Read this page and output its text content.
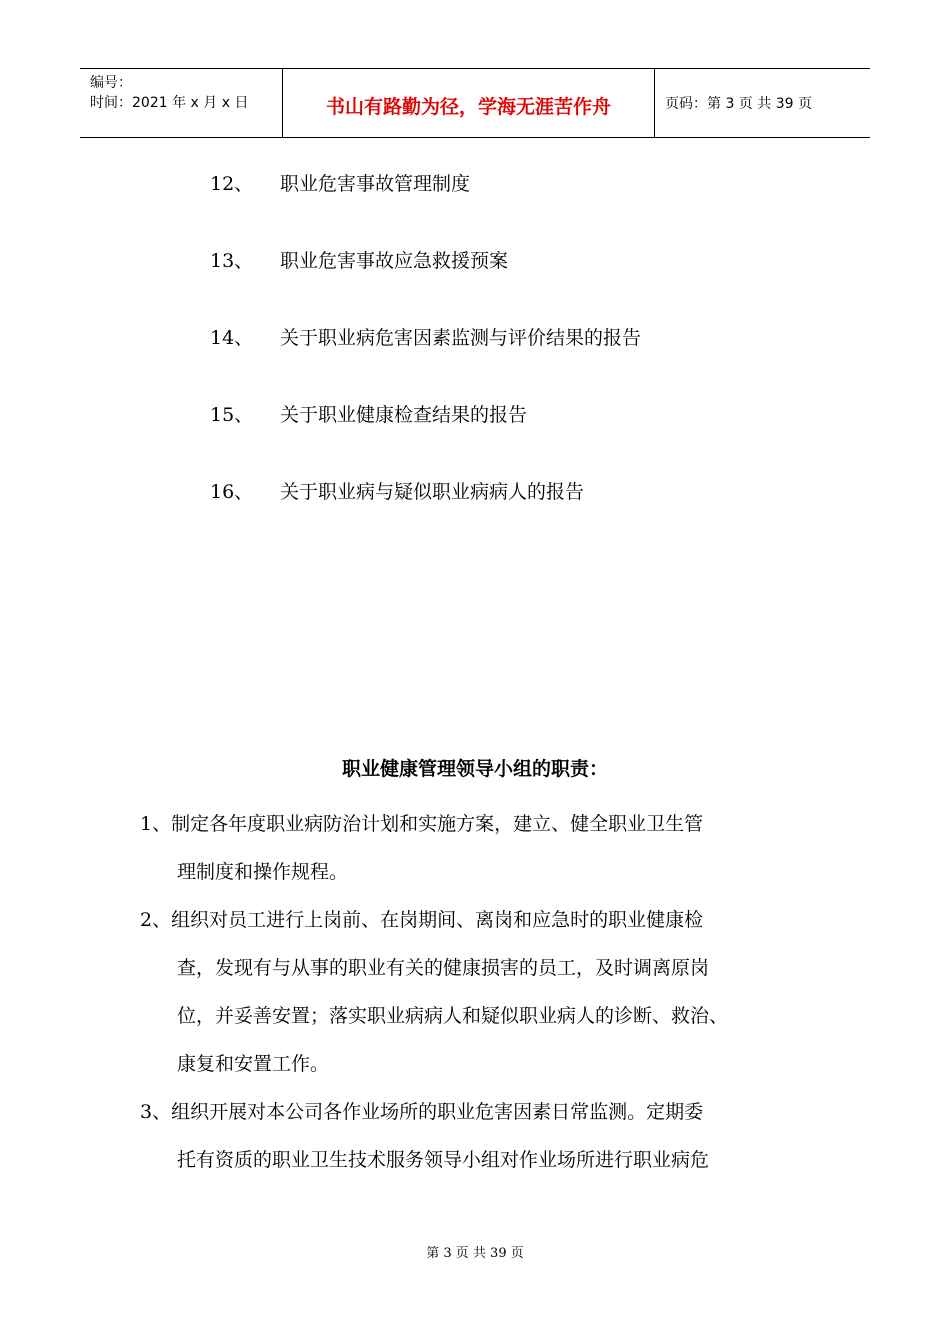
编号：
时间：2021 年 x 月 x 日	书山有路勤为径，学海无涯苦作舟	页码：第 3 页 共 39 页
12、	职业危害事故管理制度
13、	职业危害事故应急救援预案
14、	关于职业病危害因素监测与评价结果的报告
15、	关于职业健康检查结果的报告
16、	关于职业病与疑似职业病病人的报告
职业健康管理领导小组的职责：

1、制定各年度职业病防治计划和实施方案，建立、健全职业卫生管

理制度和操作规程。

2、组织对员工进行上岗前、在岗期间、离岗和应急时的职业健康检

查，发现有与从事的职业有关的健康损害的员工，及时调离原岗

位，并妥善安置；落实职业病病人和疑似职业病人的诊断、救治、

康复和安置工作。

3、组织开展对本公司各作业场所的职业危害因素日常监测。定期委

托有资质的职业卫生技术服务领导小组对作业场所进行职业病危

第 3 页 共 39 页
